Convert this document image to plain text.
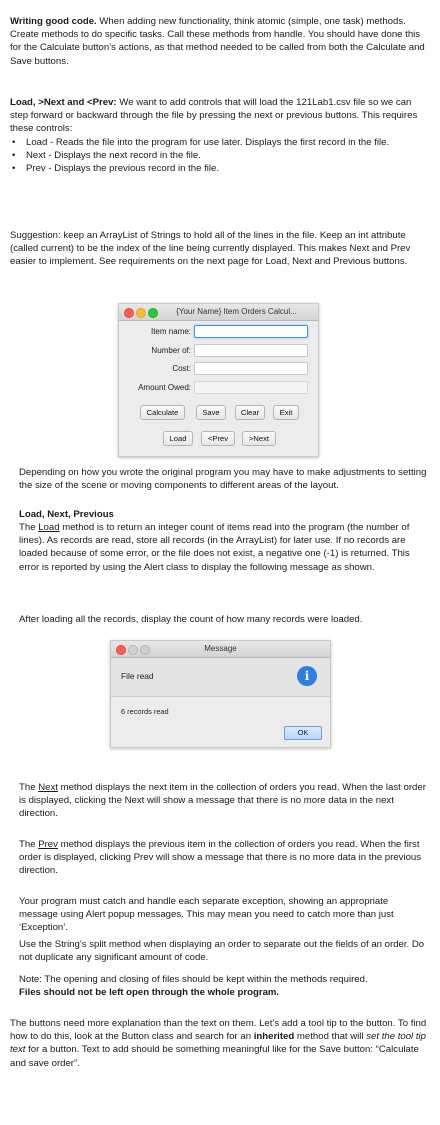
Writing good code. When adding new functionality, think atomic (simple, one task) methods. Create methods to do specific tasks. Call these methods from handle. You should have done this for the Calculate button’s actions, as that method needed to be called from both the Calculate and Save buttons.

Load, >Next and <Prev: We want to add controls that will load the 121Lab1.csv file so we can step forward or backward through the file by pressing the next or previous buttons. This requires these controls:

• Load - Reads the file into the program for use later. Displays the first record in the file.
• Next - Displays the next record in the file.
• Prev - Displays the previous record in the file.

Suggestion: keep an ArrayList of Strings to hold all of the lines in the file. Keep an int attribute (called current) to be the index of the line being currently displayed. This makes Next and Prev easier to implement. See requirements on the next page for Load, Next and Previous buttons.

{Your Name} Item Orders Calcul...
Item name:
Number of:
Cost:
Amount Owed:
Calculate	Save	Clear	Exit
Load	<Prev	>Next

Depending on how you wrote the original program you may have to make adjustments to setting the size of the scene or moving components to different areas of the layout.

Load, Next, Previous

The Load method is to return an integer count of items read into the program (the number of lines). As records are read, store all records (in the ArrayList) for later use. If no records are loaded because of some error, or the file does not exist, a negative one (-1) is returned. This error is reported by using the Alert class to display the following message as shown.

After loading all the records, display the count of how many records were loaded.

Message
File read	i
6 records read
OK

The Next method displays the next item in the collection of orders you read. When the last order is displayed, clicking the Next will show a message that there is no more data in the next direction.

The Prev method displays the previous item in the collection of orders you read. When the first order is displayed, clicking Prev will show a message that there is no more data in the previous direction.

Your program must catch and handle each separate exception, showing an appropriate message using Alert popup messages. This may mean you need to catch more than just ‘Exception’.

Use the String’s split method when displaying an order to separate out the fields of an order. Do not duplicate any significant amount of code.

Note: The opening and closing of files should be kept within the methods required.
Files should not be left open through the whole program.

The buttons need more explanation than the text on them. Let’s add a tool tip to the button. To find how to do this, look at the Button class and search for an inherited method that will set the tool tip text for a button. Text to add should be something meaningful like for the Save button: “Calculate and save order”.
